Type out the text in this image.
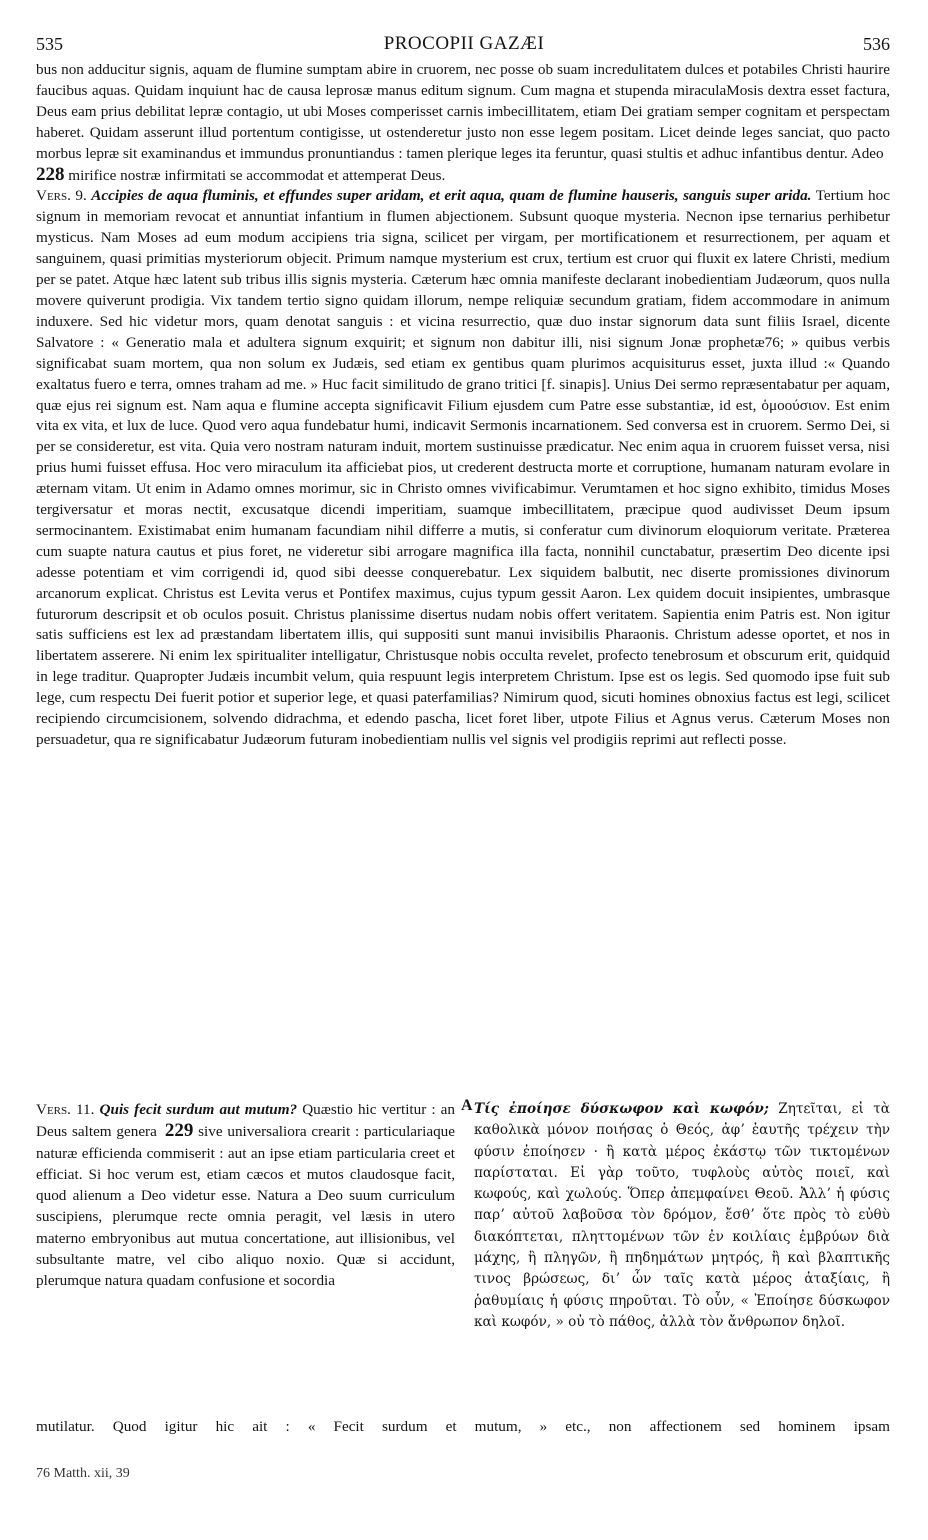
535	PROCOPII GAZÆI	536

bus non adducitur signis, aquam de flumine sumptam abire in cruorem, nec posse ob suam incredulitatem dulces et potabiles Christi haurire faucibus aquas. Quidam inquiunt hac de causa leprosæ manus editum signum. Cum magna et stupenda miraculaMosis dextra esset factura, Deus eam prius debilitat lepræ contagio, ut ubi Moses comperisset carnis imbecillitatem, etiam Dei gratiam semper cognitam et perspectam haberet. Quidam asserunt illud portentum contigisse, ut ostenderetur justo non esse legem positam. Licet deinde leges sanciat, quo pacto morbus lepræ sit examinandus et immundus pronuntiandus : tamen plerique leges ita feruntur, quasi stultis et adhuc infantibus dentur. Adeo
228 mirifice nostræ infirmitati se accommodat et attemperat Deus.

Vers. 9. Accipies de aqua fluminis, et effundes super aridam, et erit aqua, quam de flumine hauseris, sanguis super arida. Tertium hoc signum in memoriam revocat et annuntiat infantium in flumen abjectionem. Subsunt quoque mysteria. Necnon ipse ternarius perhibetur mysticus. Nam Moses ad eum modum accipiens tria signa, scilicet per virgam, per mortificationem et resurrectionem, per aquam et sanguinem, quasi primitias mysteriorum objecit. Primum namque mysterium est crux, tertium est cruor qui fluxit ex latere Christi, medium per se patet. Atque hæc latent sub tribus illis signis mysteria. Cæterum hæc omnia manifeste declarant inobedientiam Judæorum, quos nulla movere quiverunt prodigia. Vix tandem tertio signo quidam illorum, nempe reliquiæ secundum gratiam, fidem accommodare in animum induxere. Sed hic videtur mors, quam denotat sanguis : et vicina resurrectio, quæ duo instar signorum data sunt filiis Israel, dicente Salvatore : « Generatio mala et adultera signum exquirit; et signum non dabitur illi, nisi signum Jonæ prophetæ76; » quibus verbis significabat suam mortem, qua non solum ex Judæis, sed etiam ex gentibus quam plurimos acquisiturus esset, juxta illud :« Quando exaltatus fuero e terra, omnes traham ad me. » Huc facit similitudo de grano tritici [f. sinapis]. Unius Dei sermo repræsentabatur per aquam, quæ ejus rei signum est. Nam aqua e flumine accepta significavit Filium ejusdem cum Patre esse substantiæ, id est, ὁμοούσιον. Est enim vita ex vita, et lux de luce. Quod vero aqua fundebatur humi, indicavit Sermonis incarnationem. Sed conversa est in cruorem. Sermo Dei, si per se consideretur, est vita. Quia vero nostram naturam induit, mortem sustinuisse prædicatur. Nec enim aqua in cruorem fuisset versa, nisi prius humi fuisset effusa. Hoc vero miraculum ita afficiebat pios, ut crederent destructa morte et corruptione, humanam naturam evolare in æternam vitam. Ut enim in Adamo omnes morimur, sic in Christo omnes vivificabimur. Verumtamen et hoc signo exhibito, timidus Moses tergiversatur et moras nectit, excusatque dicendi imperitiam, suamque imbecillitatem, præcipue quod audivisset Deum ipsum sermocinantem. Existimabat enim humanam facundiam nihil differre a mutis, si conferatur cum divinorum eloquiorum veritate. Præterea cum suapte natura cautus et pius foret, ne videretur sibi arrogare magnifica illa facta, nonnihil cunctabatur, præsertim Deo dicente ipsi adesse potentiam et vim corrigendi id, quod sibi deesse conquerebatur. Lex siquidem balbutit, nec diserte promissiones divinorum arcanorum explicat. Christus est Levita verus et Pontifex maximus, cujus typum gessit Aaron. Lex quidem docuit insipientes, umbrasque futurorum descripsit et ob oculos posuit. Christus planissime disertus nudam nobis offert veritatem. Sapientia enim Patris est. Non igitur satis sufficiens est lex ad præstandam libertatem illis, qui suppositi sunt manui invisibilis Pharaonis. Christum adesse oportet, et nos in libertatem asserere. Ni enim lex spiritualiter intelligatur, Christusque nobis occulta revelet, profecto tenebrosum et obscurum erit, quidquid in lege traditur. Quapropter Judæis incumbit velum, quia respuunt legis interpretem Christum. Ipse est os legis. Sed quomodo ipse fuit sub lege, cum respectu Dei fuerit potior et superior lege, et quasi paterfamilias? Nimirum quod, sicuti homines obnoxius factus est legi, scilicet recipiendo circumcisionem, solvendo didrachma, et edendo pascha, licet foret liber, utpote Filius et Agnus verus. Cæterum Moses non persuadetur, qua re significabatur Judæorum futuram inobedientiam nullis vel signis vel prodigiis reprimi aut reflecti posse.

Vers. 11. Quis fecit surdum aut mutum? Quæstio hic vertitur : an Deus saltem genera 229 sive universaliora crearit : particulariaque naturæ efficienda commiserit : aut an ipse etiam particularia creet et efficiat. Si hoc verum est, etiam cæcos et mutos claudosque facit, quod alienum a Deo videtur esse. Natura a Deo suum curriculum suscipiens, plerumque recte omnia peragit, vel læsis in utero materno embryonibus aut mutua concertatione, aut illisionibus, vel subsultante matre, vel cibo aliquo noxio. Quæ si accidunt, plerumque natura quadam confusione et socordia

A Τίς ἐποίησε δύσκωφον καὶ κωφόν; Ζητεῖται, εἰ τὰ καθολικὰ μόνον ποιήσας ὁ Θεός, ἀφʼ ἑαυτῆς τρέχειν τὴν φύσιν ἐποίησεν · ἢ κατὰ μέρος ἐκάστῳ τῶν τικτομένων παρίσταται. Εἰ γὰρ τοῦτο, τυφλοὺς αὐτὸς ποιεῖ, καὶ κωφούς, καὶ χωλούς. Ὅπερ ἀπεμφαίνει Θεοῦ. Ἀλλʼ ἡ φύσις παρʼ αὐτοῦ λαβοῦσα τὸν δρόμον, ἔσθʼ ὅτε πρὸς τὸ εὐθὺ διακόπτεται, πληττομένων τῶν ἐν κοιλίαις ἐμβρύων διὰ μάχης, ἢ πληγῶν, ἢ πηδημάτων μητρός, ἢ καὶ βλαπτικῆς τινος βρώσεως, διʼ ὧν ταῖς κατὰ μέρος ἀταξίαις, ἢ ῥαθυμίαις ἡ φύσις πηροῦται. Τὸ οὖν, « Ἐποίησε δύσκωφον καὶ κωφόν, » οὐ τὸ πάθος, ἀλλὰ τὸν ἄνθρωπον δηλοῖ.

mutilatur. Quod igitur hic ait : « Fecit surdum et mutum, » etc., non affectionem sed hominem ipsam
76 Matth. xii, 39
